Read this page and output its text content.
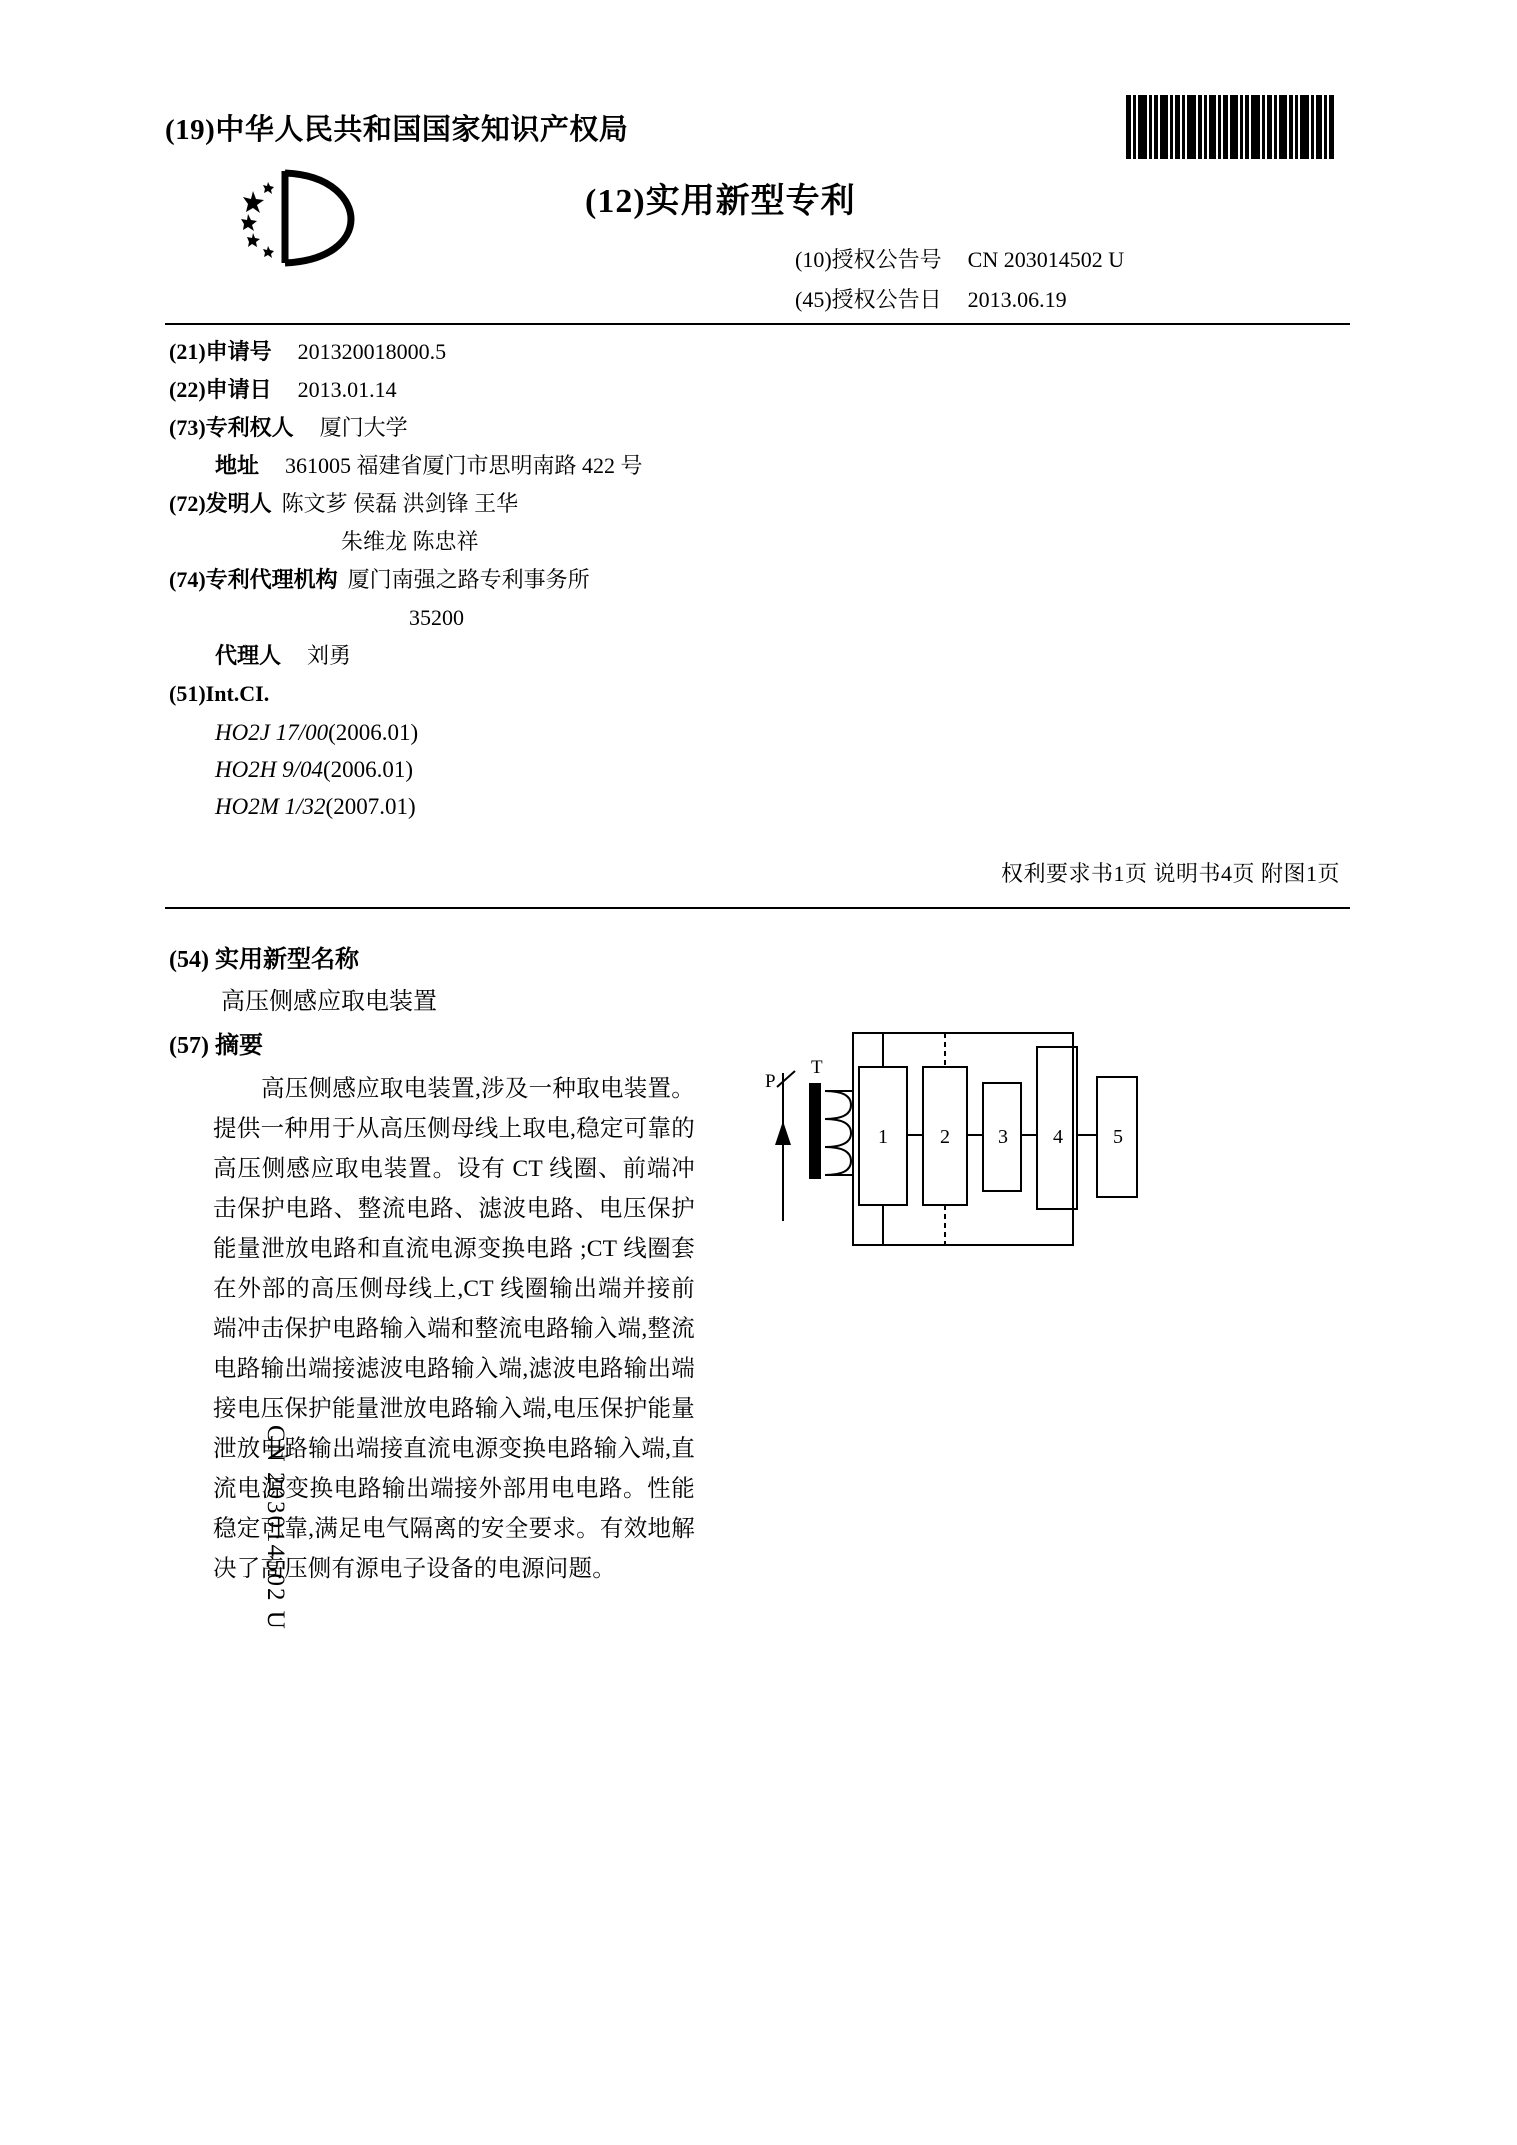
(19)中华人民共和国国家知识产权局
(12)实用新型专利
(10)授权公告号 CN 203014502 U
(45)授权公告日 2013.06.19
(21)申请号 201320018000.5
(22)申请日 2013.01.14
(73)专利权人 厦门大学
地址 361005 福建省厦门市思明南路 422 号
(72)发明人 陈文芗 侯磊 洪剑锋 王华
朱维龙 陈忠祥
(74)专利代理机构 厦门南强之路专利事务所
35200
代理人 刘勇
(51)Int.CI.
HO2J 17/00(2006.01)
HO2H 9/04(2006.01)
HO2M 1/32(2007.01)
权利要求书1页 说明书4页 附图1页
(54) 实用新型名称
高压侧感应取电装置
(57) 摘要
高压侧感应取电装置,涉及一种取电装置。提供一种用于从高压侧母线上取电,稳定可靠的高压侧感应取电装置。设有 CT 线圈、前端冲击保护电路、整流电路、滤波电路、电压保护能量泄放电路和直流电源变换电路 ;CT 线圈套在外部的高压侧母线上,CT 线圈输出端并接前端冲击保护电路输入端和整流电路输入端,整流电路输出端接滤波电路输入端,滤波电路输出端接电压保护能量泄放电路输入端,电压保护能量泄放电路输出端接直流电源变换电路输入端,直流电源变换电路输出端接外部用电电路。性能稳定可靠,满足电气隔离的安全要求。有效地解决了高压侧有源电子设备的电源问题。
P
T
1	2 3 4	5
CN 203014502 U
